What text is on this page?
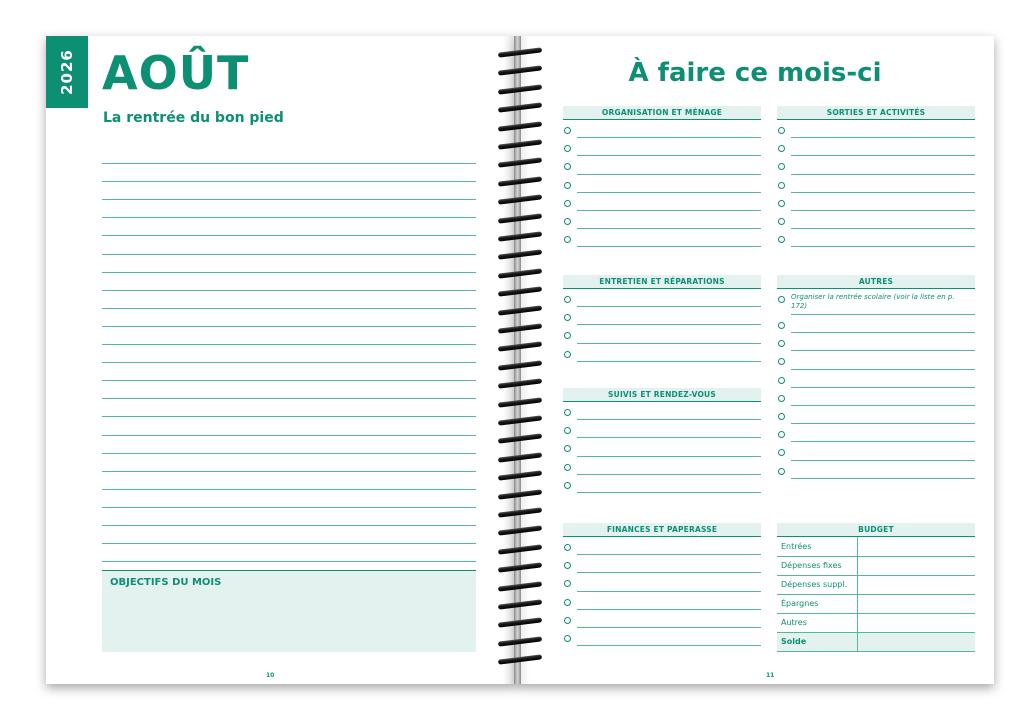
2026 AOÛT
La rentrée du bon pied
OBJECTIFS DU MOIS
10
À faire ce mois-ci
ORGANISATION ET MÉNAGE	SORTIES ET ACTIVITÉS
ENTRETIEN ET RÉPARATIONS	AUTRES
Organiser la rentrée scolaire (voir la liste en p. 172)
SUIVIS ET RENDEZ-VOUS
FINANCES ET PAPERASSE	BUDGET
Entrées	
Dépenses fixes	
Dépenses suppl.	
Épargnes	
Autres	
Solde	
11
